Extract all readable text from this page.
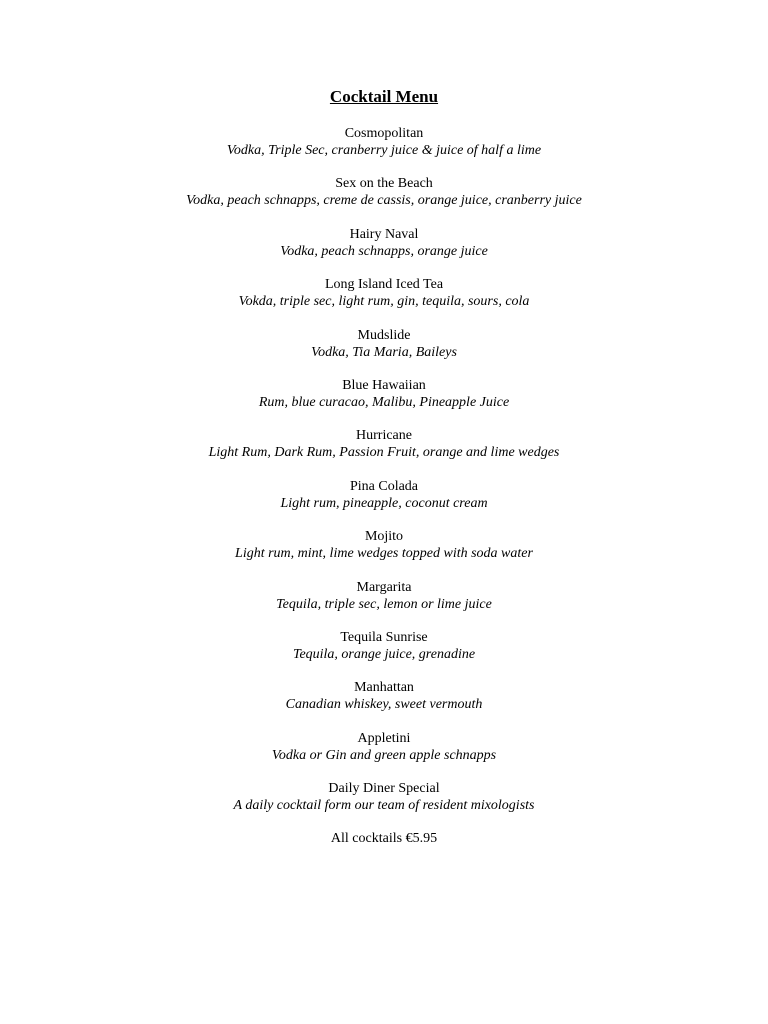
Cocktail Menu
Cosmopolitan
Vodka, Triple Sec, cranberry juice & juice of half a lime
Sex on the Beach
Vodka, peach schnapps, creme de cassis, orange juice, cranberry juice
Hairy Naval
Vodka, peach schnapps, orange juice
Long Island Iced Tea
Vokda, triple sec, light rum, gin, tequila, sours, cola
Mudslide
Vodka, Tia Maria, Baileys
Blue Hawaiian
Rum, blue curacao, Malibu, Pineapple Juice
Hurricane
Light Rum, Dark Rum, Passion Fruit, orange and lime wedges
Pina Colada
Light rum, pineapple, coconut cream
Mojito
Light rum, mint, lime wedges topped with soda water
Margarita
Tequila, triple sec, lemon or lime juice
Tequila Sunrise
Tequila, orange juice, grenadine
Manhattan
Canadian whiskey, sweet vermouth
Appletini
Vodka or Gin and green apple schnapps
Daily Diner Special
A daily cocktail form our team of resident mixologists
All cocktails €5.95
